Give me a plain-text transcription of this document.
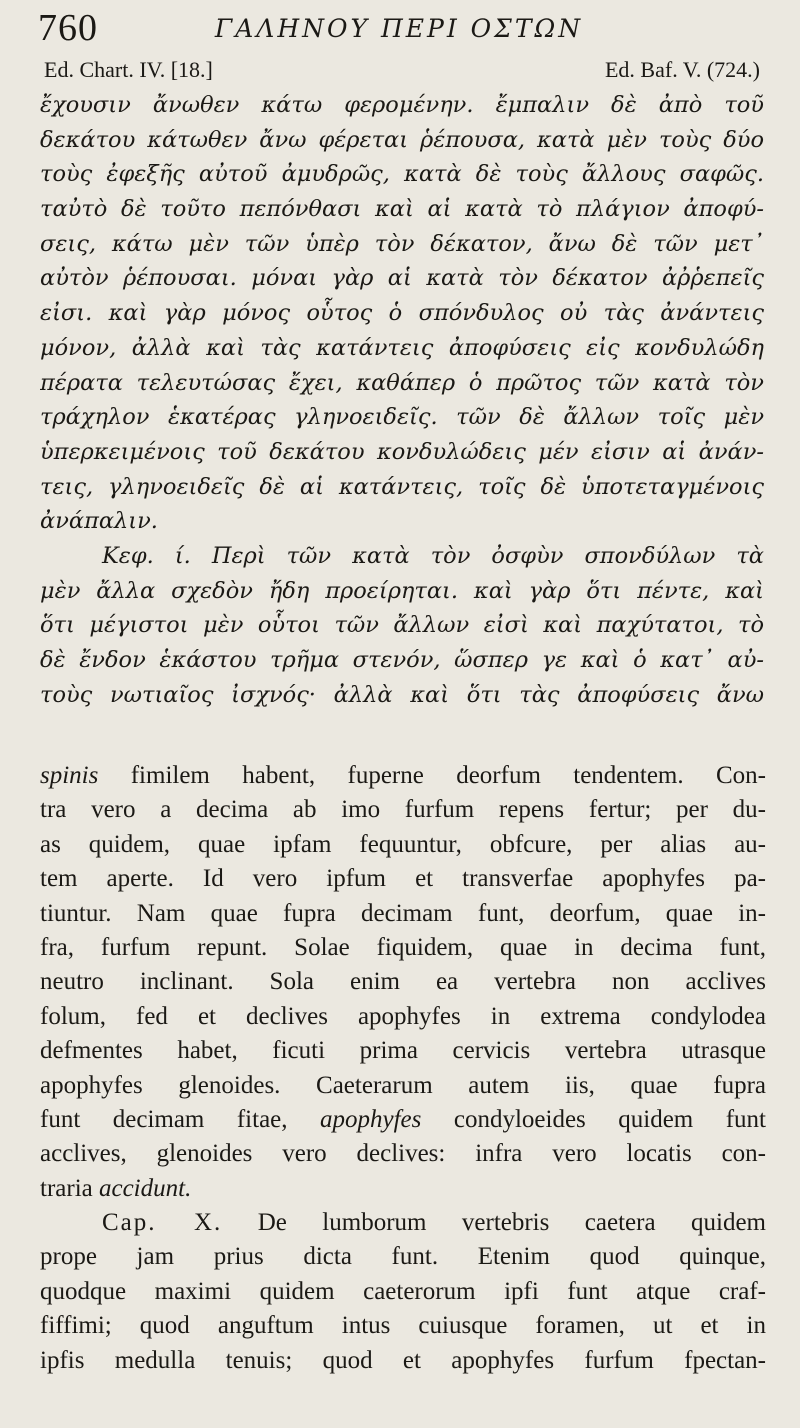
760	ΓΑΛΗΝΟΥ ΠΕΡΙ ΟΣΤΩΝ
Ed. Chart. IV. [18.]	Ed. Baf. V. (724.)
ἔχουσιν ἄνωθεν κάτω φερομένην. ἔμπαλιν δὲ ἀπὸ τοῦ
δεκάτου κάτωθεν ἄνω φέρεται ῥέπουσα, κατὰ μὲν τοὺς δύο
τοὺς ἐφεξῆς αὐτοῦ ἀμυδρῶς, κατὰ δὲ τοὺς ἄλλους σαφῶς.
ταὐτὸ δὲ τοῦτο πεπόνθασι καὶ αἱ κατὰ τὸ πλάγιον ἀποφύ-
σεις, κάτω μὲν τῶν ὑπὲρ τὸν δέκατον, ἄνω δὲ τῶν μετ᾽
αὐτὸν ῥέπουσαι. μόναι γὰρ αἱ κατὰ τὸν δέκατον ἀῤῥεπεῖς
εἰσι. καὶ γὰρ μόνος οὗτος ὁ σπόνδυλος οὐ τὰς ἀνάντεις
μόνον, ἀλλὰ καὶ τὰς κατάντεις ἀποφύσεις εἰς κονδυλώδη
πέρατα τελευτώσας ἔχει, καθάπερ ὁ πρῶτος τῶν κατὰ τὸν
τράχηλον ἑκατέρας γληνοειδεῖς. τῶν δὲ ἄλλων τοῖς μὲν
ὑπερκειμένοις τοῦ δεκάτου κονδυλώδεις μέν εἰσιν αἱ ἀνάν-
τεις, γληνοειδεῖς δὲ αἱ κατάντεις, τοῖς δὲ ὑποτεταγμένοις
ἀνάπαλιν.
Κεφ. ί. Περὶ τῶν κατὰ τὸν ὀσφὺν σπονδύλων τὰ
μὲν ἄλλα σχεδὸν ἤδη προείρηται. καὶ γὰρ ὅτι πέντε, καὶ
ὅτι μέγιστοι μὲν οὗτοι τῶν ἄλλων εἰσὶ καὶ παχύτατοι, τὸ
δὲ ἔνδον ἑκάστου τρῆμα στενόν, ὥσπερ γε καὶ ὁ κατ᾽ αὐ-
τοὺς νωτιαῖος ἰσχνός· ἀλλὰ καὶ ὅτι τὰς ἀποφύσεις ἄνω
spinis fimilem habent, fuperne deorfum tendentem. Con-
tra vero a decima ab imo furfum repens fertur; per du-
as quidem, quae ipfam fequuntur, obfcure, per alias au-
tem aperte. Id vero ipfum et transverfae apophyfes pa-
tiuntur. Nam quae fupra decimam funt, deorfum, quae in-
fra, furfum repunt. Solae fiquidem, quae in decima funt,
neutro inclinant. Sola enim ea vertebra non acclives
folum, fed et declives apophyfes in extrema condylodea
defmentes habet, ficuti prima cervicis vertebra utrasque
apophyfes glenoides. Caeterarum autem iis, quae fupra
funt decimam fitae, apophyfes condyloeides quidem funt
acclives, glenoides vero declives: infra vero locatis con-
traria accidunt.
Cap. X. De lumborum vertebris caetera quidem
prope jam prius dicta funt. Etenim quod quinque,
quodque maximi quidem caeterorum ipfi funt atque craf-
fiffimi; quod anguftum intus cuiusque foramen, ut et in
ipfis medulla tenuis; quod et apophyfes furfum fpectan-
